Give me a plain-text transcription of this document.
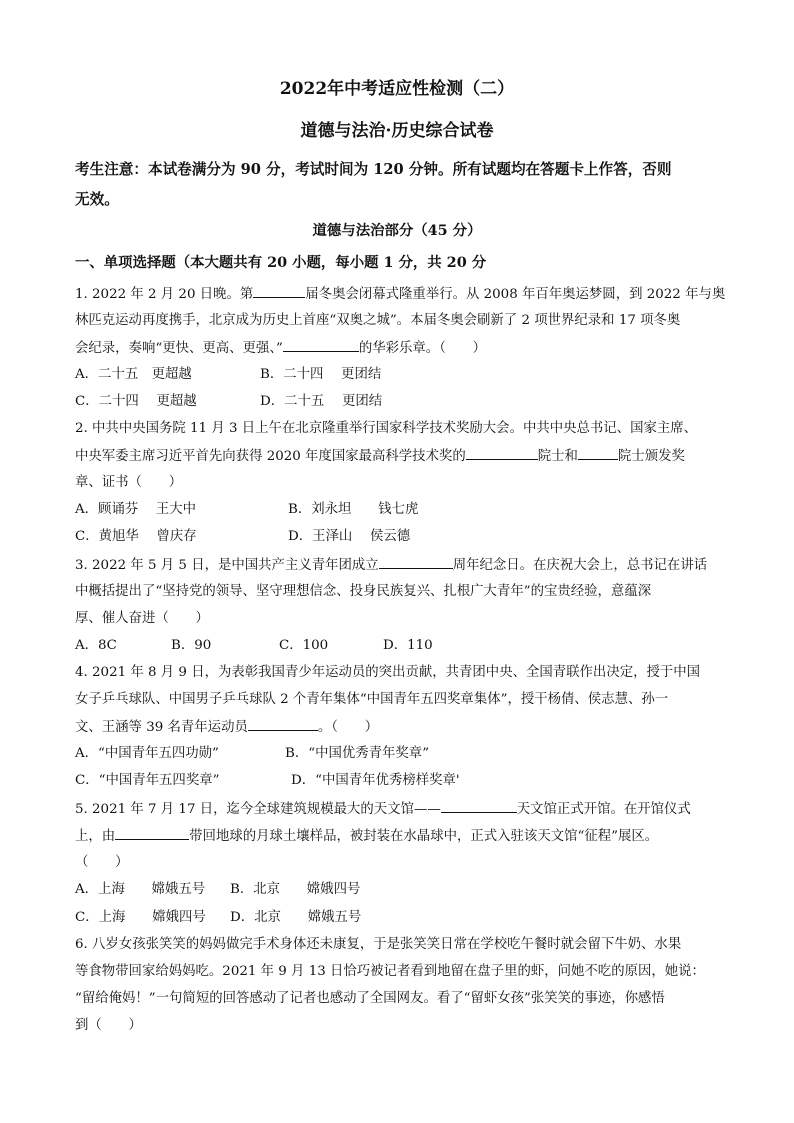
2022年中考适应性检测（二）
道德与法治·历史综合试卷
考生注意：本试卷满分为 90 分，考试时间为 120 分钟。所有试题均在答题卡上作答，否则
无效。
道德与法治部分（45 分）
一、单项选择题（本大题共有 20 小题，每小题 1 分，共 20 分
1. 2022 年 2 月 20 日晚。第	届冬奥会闭幕式隆重举行。从 2008 年百年奥运梦圆，到 2022 年与奥
林匹克运动再度携手，北京成为历史上首座“双奥之城”。本届冬奥会刷新了 2 项世界纪录和 17 项冬奥
会纪录，奏响“更快、更高、更强、”	的华彩乐章。（　　）
A．二十五　更超越	B．二十四　 更团结
C．二十四　 更超越	D．二十五　 更团结
2. 中共中央国务院 11 月 3 日上午在北京隆重举行国家科学技术奖励大会。中共中央总书记、国家主席、
中央军委主席习近平首先向获得 2020 年度国家最高科学技术奖的	院士和	院士颁发奖
章、证书（　　）
A．顾诵芬　 王大中	B．刘永坦　　钱七虎
C．黄旭华　 曾庆存	D．王泽山　 侯云德
3. 2022 年 5 月 5 日，是中国共产主义青年团成立	周年纪念日。在庆祝大会上，总书记在讲话
中概括提出了“坚持党的领导、坚守理想信念、投身民族复兴、扎根广大青年”的宝贵经验，意蕴深
厚、催人奋进（　　）
A．8C	B．90	C．100	D．110
4. 2021 年 8 月 9 日，为表彰我国青少年运动员的突出贡献，共青团中央、全国青联作出决定，授于中国
女子乒乓球队、中国男子乒乓球队 2 个青年集体“中国青年五四奖章集体”，授干杨倩、侯志慧、孙一
文、王涵等 39 名青年运动员	。（　　）
A．“中国青年五四功勋”	B．“中国优秀青年奖章”
C．“中国青年五四奖章”	D．“中国青年优秀榜样奖章'
5. 2021 年 7 月 17 日，迄今全球建筑规模最大的天文馆——	天文馆正式开馆。在开馆仪式
上，由	带回地球的月球土壤样品，被封装在水晶球中，正式入驻该天文馆“征程”展区。
（　　）
A．上海　　嫦娥五号 B．北京　　嫦娥四号
C．上海　　嫦娥四号 D．北京　　嫦娥五号
6. 八岁女孩张笑笑的妈妈做完手术身体还未康复，于是张笑笑日常在学校吃午餐时就会留下牛奶、水果
等食物带回家给妈妈吃。2021 年 9 月 13 日恰巧被记者看到地留在盘子里的虾，问她不吃的原因，她说：
“留给俺妈！”一句简短的回答感动了记者也感动了全国网友。看了“留虾女孩”张笑笑的事迹，你感悟
到（　　）
